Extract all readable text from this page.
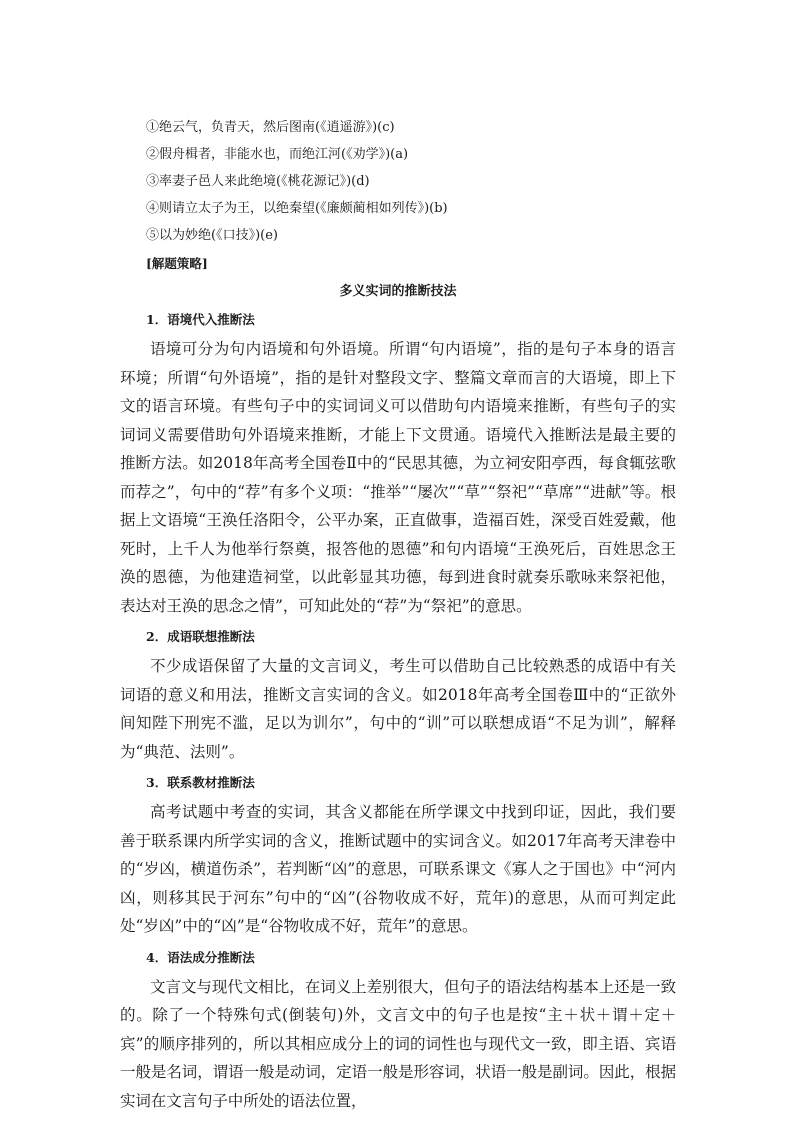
①绝云气，负青天，然后图南(《逍遥游》)(c)
②假舟楫者，非能水也，而绝江河(《劝学》)(a)
③率妻子邑人来此绝境(《桃花源记》)(d)
④则请立太子为王，以绝秦望(《廉颇蔺相如列传》)(b)
⑤以为妙绝(《口技》)(e)
[解题策略]
多义实词的推断技法
1．语境代入推断法
语境可分为句内语境和句外语境。所谓“句内语境”，指的是句子本身的语言环境；所谓“句外语境”，指的是针对整段文字、整篇文章而言的大语境，即上下文的语言环境。有些句子中的实词词义可以借助句内语境来推断，有些句子的实词词义需要借助句外语境来推断，才能上下文贯通。语境代入推断法是最主要的推断方法。如2018年高考全国卷Ⅱ中的“民思其德，为立祠安阳亭西，每食辄弦歌而荐之”，句中的“荐”有多个义项：“推举”“屡次”“草”“祭祀”“草席”“进献”等。根据上文语境“王涣任洛阳令，公平办案，正直做事，造福百姓，深受百姓爱戴，他死时，上千人为他举行祭奠，报答他的恩德”和句内语境“王涣死后，百姓思念王涣的恩德，为他建造祠堂，以此彰显其功德，每到进食时就奏乐歌咏来祭祀他，表达对王涣的思念之情”，可知此处的“荐”为“祭祀”的意思。
2．成语联想推断法
不少成语保留了大量的文言词义，考生可以借助自己比较熟悉的成语中有关词语的意义和用法，推断文言实词的含义。如2018年高考全国卷Ⅲ中的“正欲外间知陛下刑宪不滥，足以为训尔”，句中的“训”可以联想成语“不足为训”，解释为“典范、法则”。
3．联系教材推断法
高考试题中考查的实词，其含义都能在所学课文中找到印证，因此，我们要善于联系课内所学实词的含义，推断试题中的实词含义。如2017年高考天津卷中的“岁凶，横道伤杀”，若判断“凶”的意思，可联系课文《寡人之于国也》中“河内凶，则移其民于河东”句中的“凶”(谷物收成不好，荒年)的意思，从而可判定此处“岁凶”中的“凶”是“谷物收成不好，荒年”的意思。
4．语法成分推断法
文言文与现代文相比，在词义上差别很大，但句子的语法结构基本上还是一致的。除了一个特殊句式(倒装句)外，文言文中的句子也是按“主＋状＋谓＋定＋宾”的顺序排列的，所以其相应成分上的词的词性也与现代文一致，即主语、宾语一般是名词，谓语一般是动词，定语一般是形容词，状语一般是副词。因此，根据实词在文言句子中所处的语法位置，
